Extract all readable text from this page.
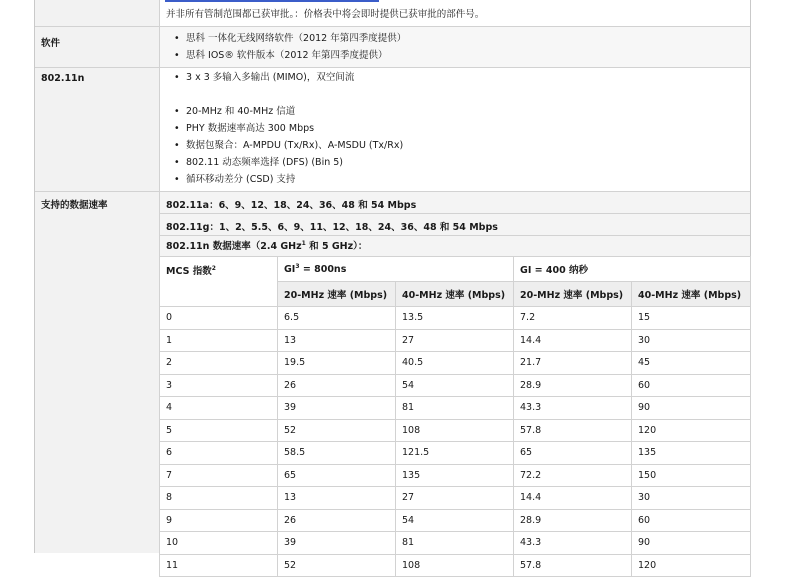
并非所有管制范围都已获审批。：价格表中将会即时提供已获审批的部件号。
软件	• 思科 一体化无线网络软件（2012 年第四季度提供）
• 思科 IOS® 软件版本（2012 年第四季度提供）
802.11n	• 3 x 3 多输入多输出 (MIMO)，双空间流
• 20-MHz 和 40-MHz 信道
• PHY 数据速率高达 300 Mbps
• 数据包聚合：A-MPDU (Tx/Rx)、A-MSDU (Tx/Rx)
• 802.11 动态频率选择 (DFS) (Bin 5)
• 循环移动差分 (CSD) 支持
支持的数据速率	802.11a：6、9、12、18、24、36、48 和 54 Mbps
802.11g：1、2、5.5、6、9、11、12、18、24、36、48 和 54 Mbps
802.11n 数据速率（2.4 GHz$^1$ 和 5 GHz）：
MCS 指数$^2$	$GI^3 = 800ns$		GI = 400 纳秒	
	20-MHz 速率 (Mbps)	40-MHz 速率 (Mbps)	20-MHz 速率 (Mbps)	40-MHz 速率 (Mbps)
0	6.5	13.5	7.2	15
1	13	27	14.4	30
2	19.5	40.5	21.7	45
3	26	54	28.9	60
4	39	81	43.3	90
5	52	108	57.8	120
6	58.5	121.5	65	135
7	65	135	72.2	150
8	13	27	14.4	30
9	26	54	28.9	60
10	39	81	43.3	90
11	52	108	57.8	120
